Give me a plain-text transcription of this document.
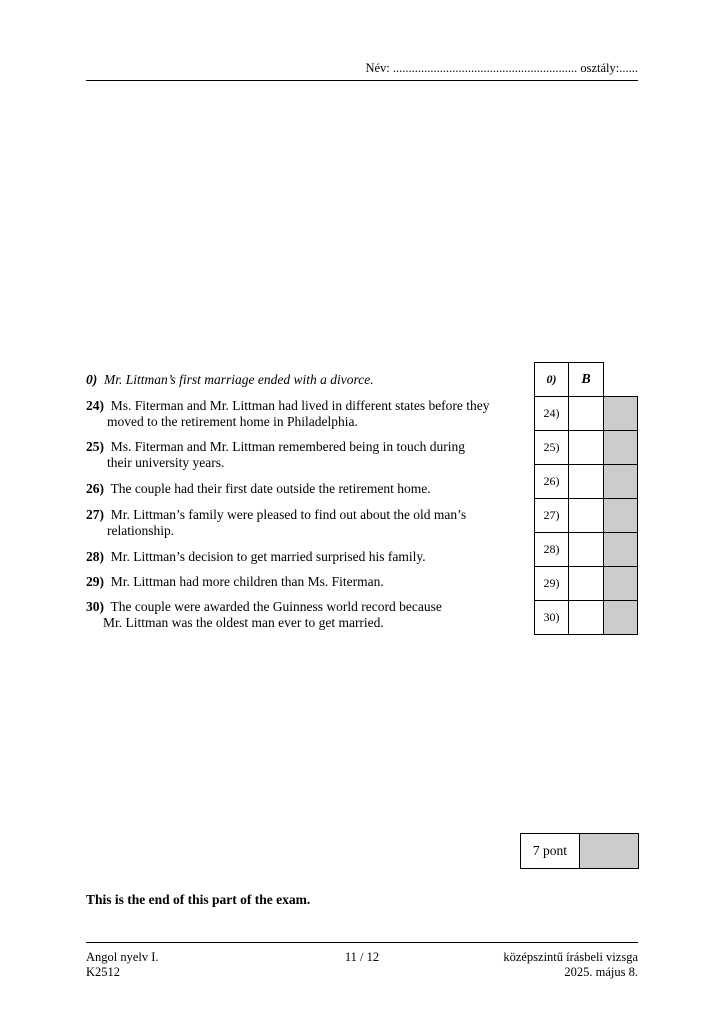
Név: ........................................................... osztály:......
0) Mr. Littman’s first marriage ended with a divorce.
24) Ms. Fiterman and Mr. Littman had lived in different states before they
moved to the retirement home in Philadelphia.
25) Ms. Fiterman and Mr. Littman remembered being in touch during
their university years.
26) The couple had their first date outside the retirement home.
27) Mr. Littman’s family were pleased to find out about the old man’s
relationship.
28) Mr. Littman’s decision to get married surprised his family.
29) Mr. Littman had more children than Ms. Fiterman.
30) The couple were awarded the Guinness world record because
Mr. Littman was the oldest man ever to get married.
0)	B	
24)		
25)		
26)		
27)		
28)		
29)		
30)		
7 pont	
This is the end of this part of the exam.
Angol nyelv I.
K2512
11 / 12	középszintű írásbeli vizsga
2025. május 8.
